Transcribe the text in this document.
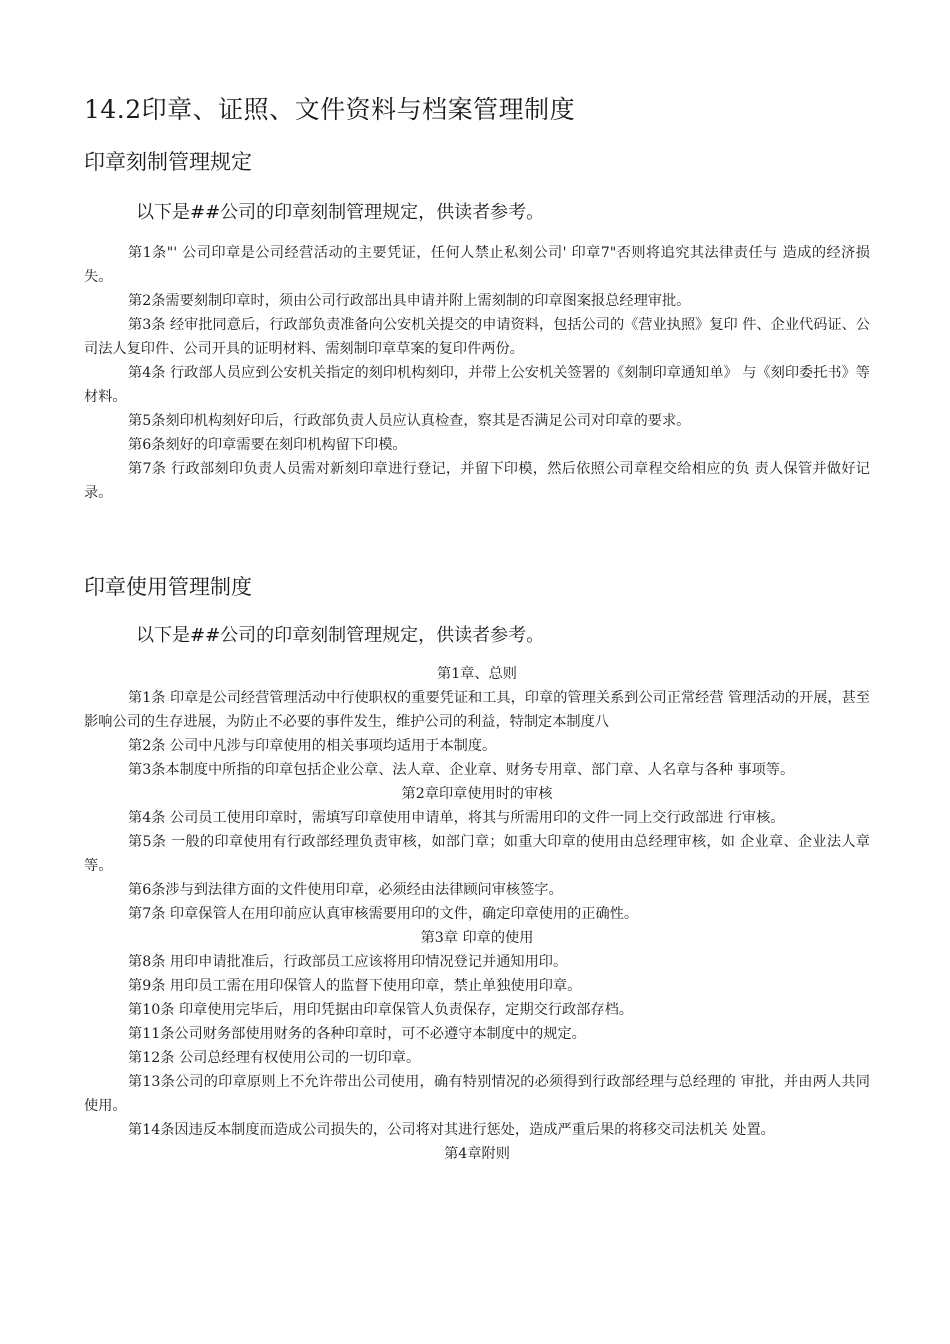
14.2印章、证照、文件资料与档案管理制度
印章刻制管理规定
以下是##公司的印章刻制管理规定，供读者参考。

第1条"' 公司印章是公司经营活动的主要凭证，任何人禁止私刻公司' 印章7"否则将追究其法律责任与 造成的经济损失。

第2条需要刻制印章时，须由公司行政部出具申请并附上需刻制的印章图案报总经理审批。

第3条 经审批同意后，行政部负责准备向公安机关提交的申请资料，包括公司的《营业执照》复印 件、企业代码证、公司法人复印件、公司开具的证明材料、需刻制印章草案的复印件两份。

第4条 行政部人员应到公安机关指定的刻印机构刻印，并带上公安机关签署的《刻制印章通知单》 与《刻印委托书》等材料。

第5条刻印机构刻好印后，行政部负责人员应认真检查，察其是否满足公司对印章的要求。

第6条刻好的印章需要在刻印机构留下印模。

第7条 行政部刻印负责人员需对新刻印章进行登记，并留下印模，然后依照公司章程交给相应的负 责人保管并做好记录。

印章使用管理制度
以下是##公司的印章刻制管理规定，供读者参考。

第1章、总则

第1条 印章是公司经营管理活动中行使职权的重要凭证和工具，印章的管理关系到公司正常经营 管理活动的开展，甚至影响公司的生存进展，为防止不必要的事件发生，维护公司的利益，特制定本制度八

第2条 公司中凡涉与印章使用的相关事项均适用于本制度。

第3条本制度中所指的印章包括企业公章、法人章、企业章、财务专用章、部门章、人名章与各种 事项等。

第2章印章使用时的审核

第4条 公司员工使用印章时，需填写印章使用申请单，将其与所需用印的文件一同上交行政部进 行审核。

第5条 一般的印章使用有行政部经理负责审核，如部门章；如重大印章的使用由总经理审核，如 企业章、企业法人章等。

第6条涉与到法律方面的文件使用印章，必须经由法律顾问审核签字。

第7条 印章保管人在用印前应认真审核需要用印的文件，确定印章使用的正确性。

第3章 印章的使用

第8条 用印申请批准后，行政部员工应该将用印情况登记并通知用印。

第9条 用印员工需在用印保管人的监督下使用印章，禁止单独使用印章。

第10条 印章使用完毕后，用印凭据由印章保管人负责保存，定期交行政部存档。

第11条公司财务部使用财务的各种印章时，可不必遵守本制度中的规定。

第12条 公司总经理有权使用公司的一切印章。

第13条公司的印章原则上不允许带出公司使用，确有特别情况的必须得到行政部经理与总经理的 审批，并由两人共同使用。

第14条因违反本制度而造成公司损失的，公司将对其进行惩处，造成严重后果的将移交司法机关 处置。

第4章附则
